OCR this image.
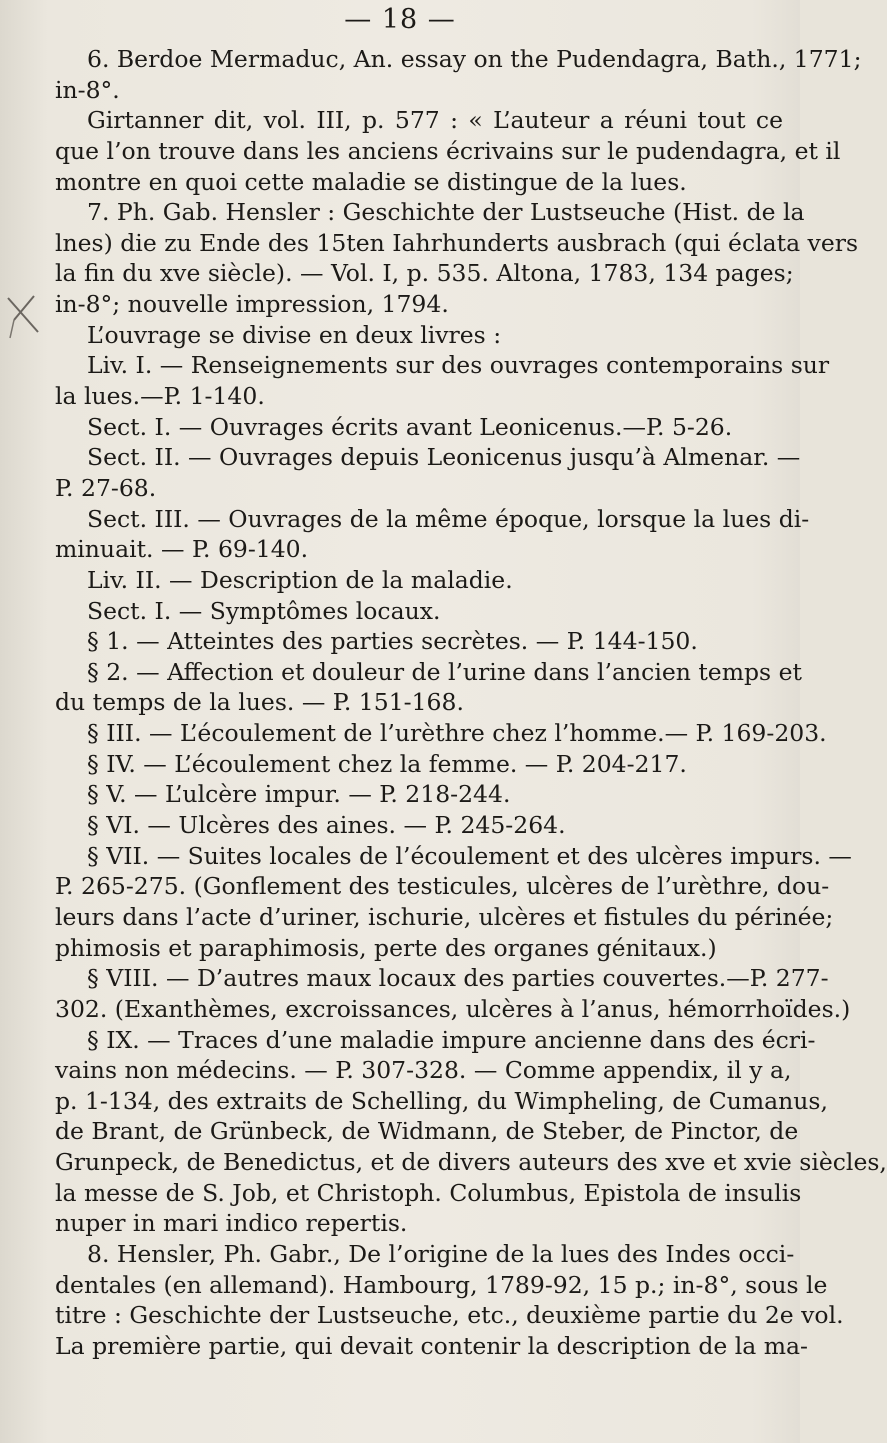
— 18 —
6. Berdoe Mermaduc, An. essay on the Pudendagra, Bath., 1771;
in-8°.
Girtanner dit, vol. III, p. 577 : « L’auteur a réuni tout ce
que l’on trouve dans les anciens écrivains sur le pudendagra, et il
montre en quoi cette maladie se distingue de la lues.
7. Ph. Gab. Hensler : Geschichte der Lustseuche (Hist. de la
lnes) die zu Ende des 15ten Iahrhunderts ausbrach (qui éclata vers
la fin du xve siècle). — Vol. I, p. 535. Altona, 1783, 134 pages;
in-8°; nouvelle impression, 1794.
L’ouvrage se divise en deux livres :
Liv. I. — Renseignements sur des ouvrages contemporains sur
la lues.—P. 1-140.
Sect. I. — Ouvrages écrits avant Leonicenus.—P. 5-26.
Sect. II. — Ouvrages depuis Leonicenus jusqu’à Almenar. —
P. 27-68.
Sect. III. — Ouvrages de la même époque, lorsque la lues di-
minuait. — P. 69-140.
Liv. II. — Description de la maladie.
Sect. I. — Symptômes locaux.
§ 1. — Atteintes des parties secrètes. — P. 144-150.
§ 2. — Affection et douleur de l’urine dans l’ancien temps et
du temps de la lues. — P. 151-168.
§ III. — L’écoulement de l’urèthre chez l’homme.— P. 169-203.
§ IV. — L’écoulement chez la femme. — P. 204-217.
§ V. — L’ulcère impur. — P. 218-244.
§ VI. — Ulcères des aines. — P. 245-264.
§ VII. — Suites locales de l’écoulement et des ulcères impurs. —
P. 265-275. (Gonflement des testicules, ulcères de l’urèthre, dou-
leurs dans l’acte d’uriner, ischurie, ulcères et fistules du périnée;
phimosis et paraphimosis, perte des organes génitaux.)
§ VIII. — D’autres maux locaux des parties couvertes.—P. 277-
302. (Exanthèmes, excroissances, ulcères à l’anus, hémorrhoïdes.)
§ IX. — Traces d’une maladie impure ancienne dans des écri-
vains non médecins. — P. 307-328. — Comme appendix, il y a,
p. 1-134, des extraits de Schelling, du Wimpheling, de Cumanus,
de Brant, de Grünbeck, de Widmann, de Steber, de Pinctor, de
Grunpeck, de Benedictus, et de divers auteurs des xve et xvie siècles,
la messe de S. Job, et Christoph. Columbus, Epistola de insulis
nuper in mari indico repertis.
8. Hensler, Ph. Gabr., De l’origine de la lues des Indes occi-
dentales (en allemand). Hambourg, 1789-92, 15 p.; in-8°, sous le
titre : Geschichte der Lustseuche, etc., deuxième partie du 2e vol.
La première partie, qui devait contenir la description de la ma-
